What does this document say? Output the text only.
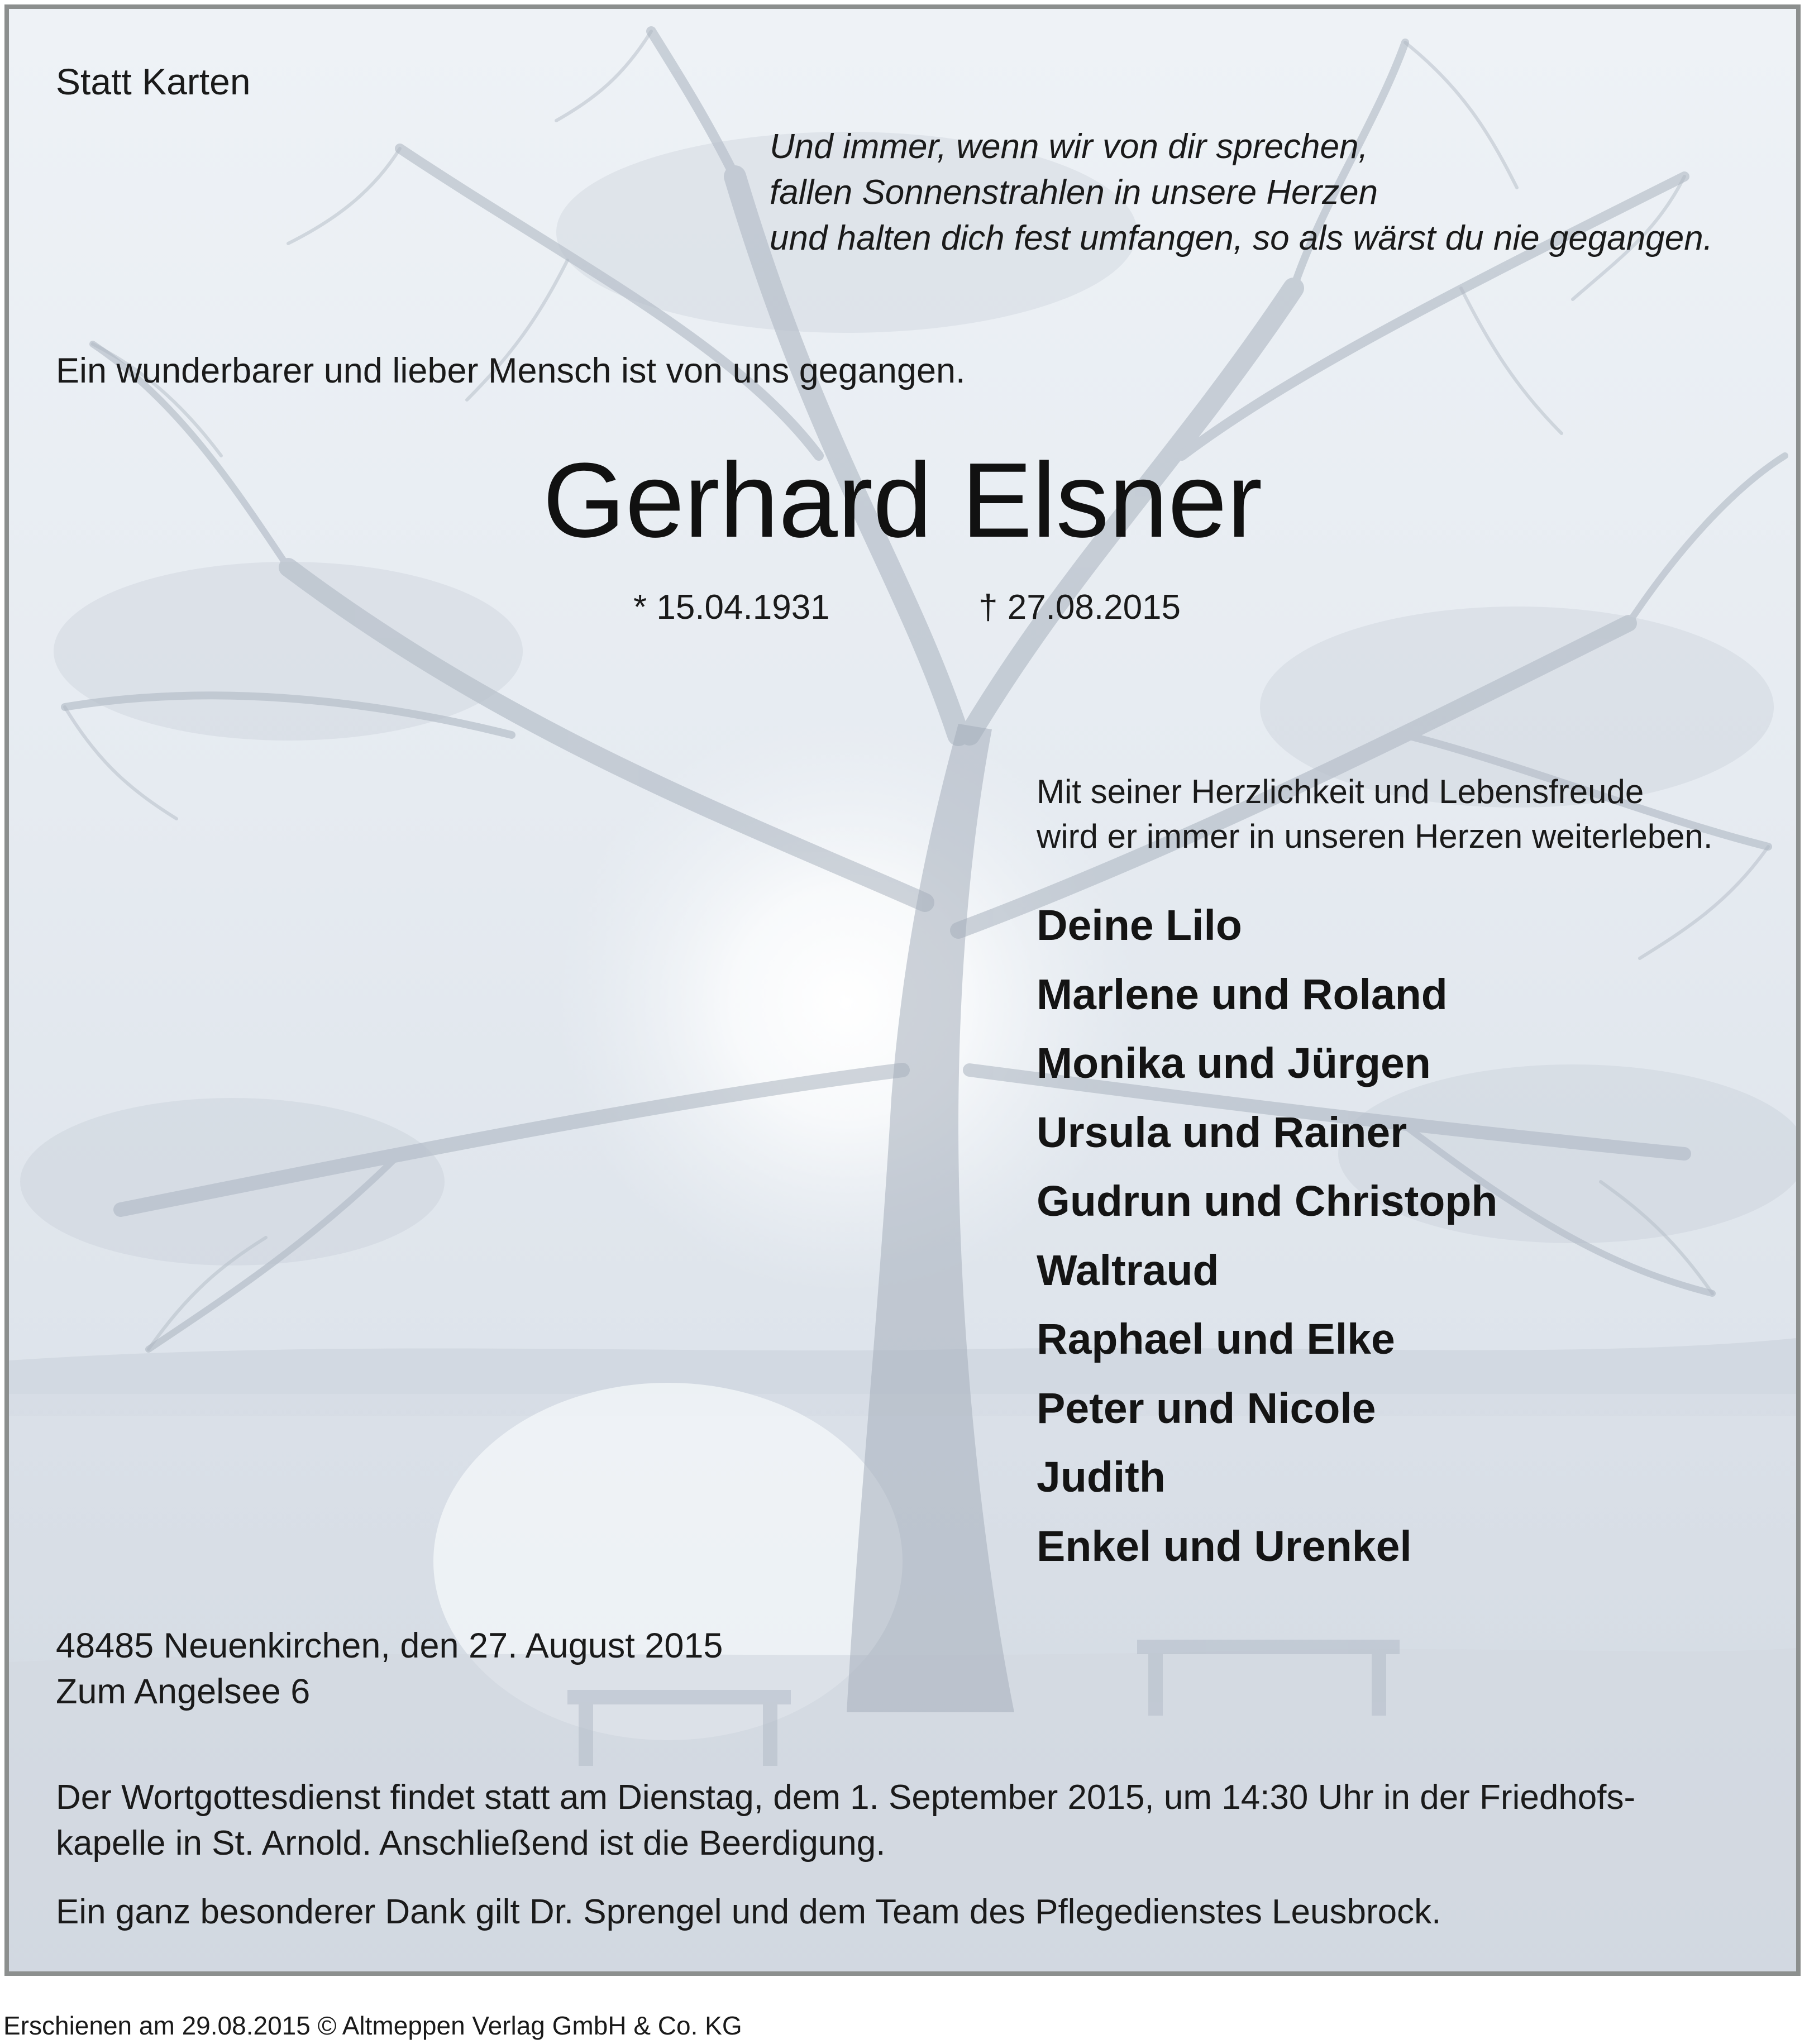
Statt Karten

Und immer, wenn wir von dir sprechen,
fallen Sonnenstrahlen in unsere Herzen
und halten dich fest umfangen, so als wärst du nie gegangen.

Ein wunderbarer und lieber Mensch ist von uns gegangen.

Gerhard Elsner

* 15.04.1931	† 27.08.2015

Mit seiner Herzlichkeit und Lebensfreude
wird er immer in unseren Herzen weiterleben.

Deine Lilo
Marlene und Roland
Monika und Jürgen
Ursula und Rainer
Gudrun und Christoph
Waltraud
Raphael und Elke
Peter und Nicole
Judith
Enkel und Urenkel

48485 Neuenkirchen, den 27. August 2015
Zum Angelsee 6

Der Wortgottesdienst findet statt am Dienstag, dem 1. September 2015, um 14:30 Uhr in der Friedhofs-
kapelle in St. Arnold. Anschließend ist die Beerdigung.

Ein ganz besonderer Dank gilt Dr. Sprengel und dem Team des Pflegedienstes Leusbrock.

Erschienen am 29.08.2015 © Altmeppen Verlag GmbH & Co. KG
